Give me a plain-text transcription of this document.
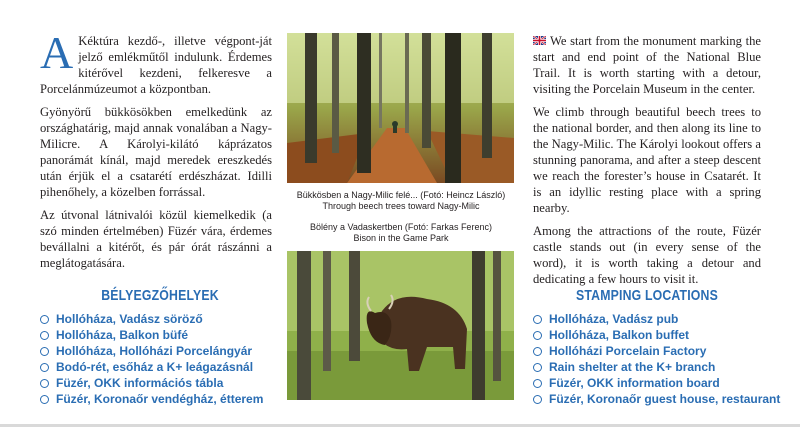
A Kéktúra kezdő-, illetve végpont-ját jelző emlékműtől indulunk. Érdemes kitérővel kezdeni, felkeresve a Porcelánmúzeumot a központban.

Gyönyörű bükkösökben emelkedünk az országhatárig, majd annak vonalában a Nagy-Milicre. A Károlyi-kilátó káprázatos panorámát kínál, majd meredek ereszkedés után érjük el a csatarétí erdészházat. Idilli pihenőhely, a közelben forrással.

Az útvonal látnivalói közül kiemelkedik (a szó minden értelmében) Füzér vára, érdemes bevállalni a kitérőt, és pár órát rászánni a meglátogatására.

BÉLYEGZŐHELYEK
Hollóháza, Vadász söröző
Hollóháza, Balkon büfé
Hollóháza, Hollóházi Porcelángyár
Bodó-rét, esőház a K+ leágazásnál
Füzér, OKK információs tábla
Füzér, Koronaőr vendégház, étterem
Bükkösben a Nagy-Milic felé... (Fotó: Heincz László)
Through beech trees toward Nagy-Milic
Bölény a Vadaskertben (Fotó: Farkas Ferenc)
Bison in the Game Park

We start from the monument marking the start and end point of the National Blue Trail. It is worth starting with a detour, visiting the Porcelain Museum in the center.

We climb through beautiful beech trees to the national border, and then along its line to the Nagy-Milic. The Károlyi lookout offers a stunning panorama, and after a steep descent we reach the forester’s house in Csatarét. It is an idyllic resting place with a spring nearby.

Among the attractions of the route, Füzér castle stands out (in every sense of the word), it is worth taking a detour and dedicating a few hours to visit it.

STAMPING LOCATIONS
Hollóháza, Vadász pub
Hollóháza, Balkon buffet
Hollóházi Porcelain Factory
Rain shelter at the K+ branch
Füzér, OKK information board
Füzér, Koronaőr guest house, restaurant
